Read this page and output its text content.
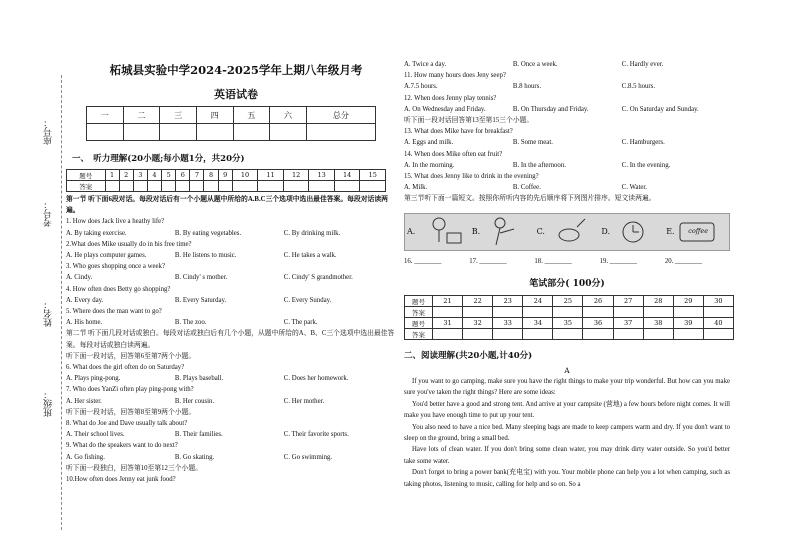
座号：
考号：
姓名：
班级：
柘城县实验中学2024-2025学年上期八年级月考
英语试卷
一	二	三	四	五	六	总分

一、　听力理解(20小题;每小题1分，共20分)
题号	1	2	3	4	5	6	7	8	9	10	11	12	13	14	15
答案															
第一节 听下面6段对话。每段对话后有一个小题从题中所给的A.B.C三个选项中选出最佳答案。每段对话读两遍。
1. How does Jack live a heathy life?
A. By taking exercise.	B. By eating vegetables.	C. By drinking milk.
2.What does Mike usually do in his free time?
A. He plays computer games.	B. He listens to music.	C. He takes a walk.
3. Who goes shopping once a week?
A. Cindy.	B. Cindy' s mother.	C. Cindy' S grandmother.
4. How often does Betty go shopping?
A. Every day.	B. Every Saturday.	C. Every Sunday.
5. Where does the man want to go?
A. His home.	B. The zoo.	C. The park.
第二节 听下面几段对话或独白。每段对话或独白后有几个小题，从题中所给的A、B、C三个选项中选出最佳答案。每段对话或独白读两遍。
听下面一段对话，回答第6至第7两个小题。
6. What does the girl often do on Saturday?
A. Plays ping-pong.	B. Plays baseball.	C. Does her homework.
7. Who does YanZi often play ping-pong with?
A. Her sister.	B. Her cousin.	C. Her mother.
听下面一段对话，回答第8至第9两个小题。
8. What do Joe and Dave usually talk about?
A. Their school lives.	B. Their families.	C. Their favorite sports.
9. What do the speakers want to do next?
A. Go fishing.	B. Go skating.	C. Go swimming.
听下面一段独白，回答第10至第12三个小题。
10.How often does Jenny eat junk food?
A. Twice a day.	B. Once a week.	C. Hardly ever.
11. How many hours does Jeny seep?
A.7.5 hours.	B.8 hours.	C.8.5 hours.
12. When does Jenny play tennis?
A. On Wednesday and Friday.	B. On Thursday and Friday.	C. On Saturday and Sunday.
听下面一段对话回答第13至第15三个小题。
13. What does Mike have for breakfast?
A. Eggs and milk.	B. Some meat.	C. Hamburgers.
14. When does Mike often eat fruit?
A. In the morning.	B. In the afternoon.	C. In the evening.
15. What does Jenny like to drink in the evening?
A. Milk.	B. Coffee.	C. Water.
第三节听下面一篇短文。按照你所听内容的先后顺序将下列图片排序。短文读两遍。
A.	B.	C.	D.	E. coffee
16. ________	17. ________	18. ________	19. ________	20. ________
笔试部分( 100分)
题号	21	22	23	24	25	26	27	28	29	30
答案										
题号	31	32	33	34	35	36	37	38	39	40
答案										
二、阅读理解(共20小题,计40分)
A

If you want to go camping, make sure you have the right things to make your trip wonderful. But how can you make sure you've taken the right things? Here are some ideas:

You'd better have a good and strong tent. And arrive at your campsite (营地) a few hours before night comes. It will make you have enough time to put up your tent.

You also need to have a nice bed. Many sleeping bags are made to keep campers warm and dry. If you don't want to sleep on the ground, bring a small bed.

Have lots of clean water. If you don't bring some clean water, you may drink dirty water outside. So you'd better take some water.

Don't forget to bring a power bank(充电宝) with you. Your mobile phone can help you a lot when camping, such as taking photos, listening to music, calling for help and so on. So a
